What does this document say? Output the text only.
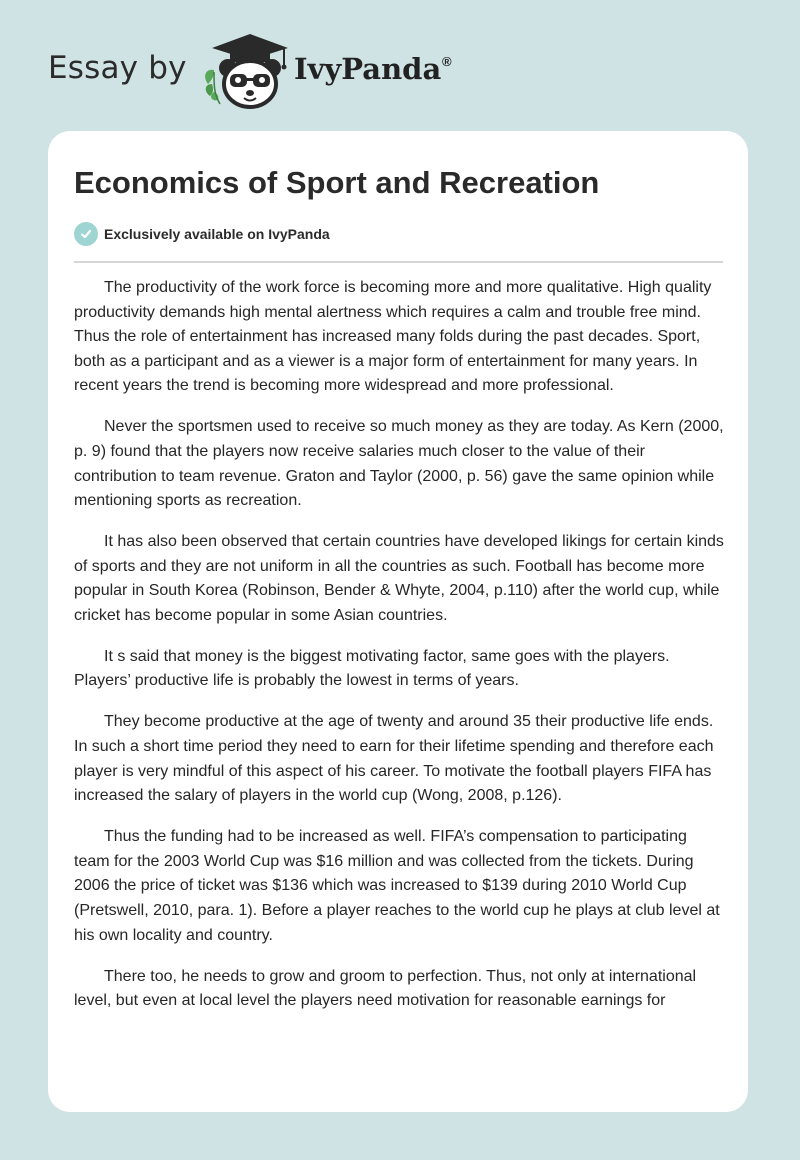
Essay by	IvyPanda ®
Economics of Sport and Recreation
Exclusively available on IvyPanda

The productivity of the work force is becoming more and more qualitative. High quality productivity demands high mental alertness which requires a calm and trouble free mind. Thus the role of entertainment has increased many folds during the past decades. Sport, both as a participant and as a viewer is a major form of entertainment for many years. In recent years the trend is becoming more widespread and more professional.

Never the sportsmen used to receive so much money as they are today. As Kern (2000, p. 9) found that the players now receive salaries much closer to the value of their contribution to team revenue. Graton and Taylor (2000, p. 56) gave the same opinion while mentioning sports as recreation.

It has also been observed that certain countries have developed likings for certain kinds of sports and they are not uniform in all the countries as such. Football has become more popular in South Korea (Robinson, Bender & Whyte, 2004, p.110) after the world cup, while cricket has become popular in some Asian countries.

It s said that money is the biggest motivating factor, same goes with the players. Players’ productive life is probably the lowest in terms of years.

They become productive at the age of twenty and around 35 their productive life ends. In such a short time period they need to earn for their lifetime spending and therefore each player is very mindful of this aspect of his career. To motivate the football players FIFA has increased the salary of players in the world cup (Wong, 2008, p.126).

Thus the funding had to be increased as well. FIFA’s compensation to participating team for the 2003 World Cup was $16 million and was collected from the tickets. During 2006 the price of ticket was $136 which was increased to $139 during 2010 World Cup (Pretswell, 2010, para. 1). Before a player reaches to the world cup he plays at club level at his own locality and country.

There too, he needs to grow and groom to perfection. Thus, not only at international level, but even at local level the players need motivation for reasonable earnings for
